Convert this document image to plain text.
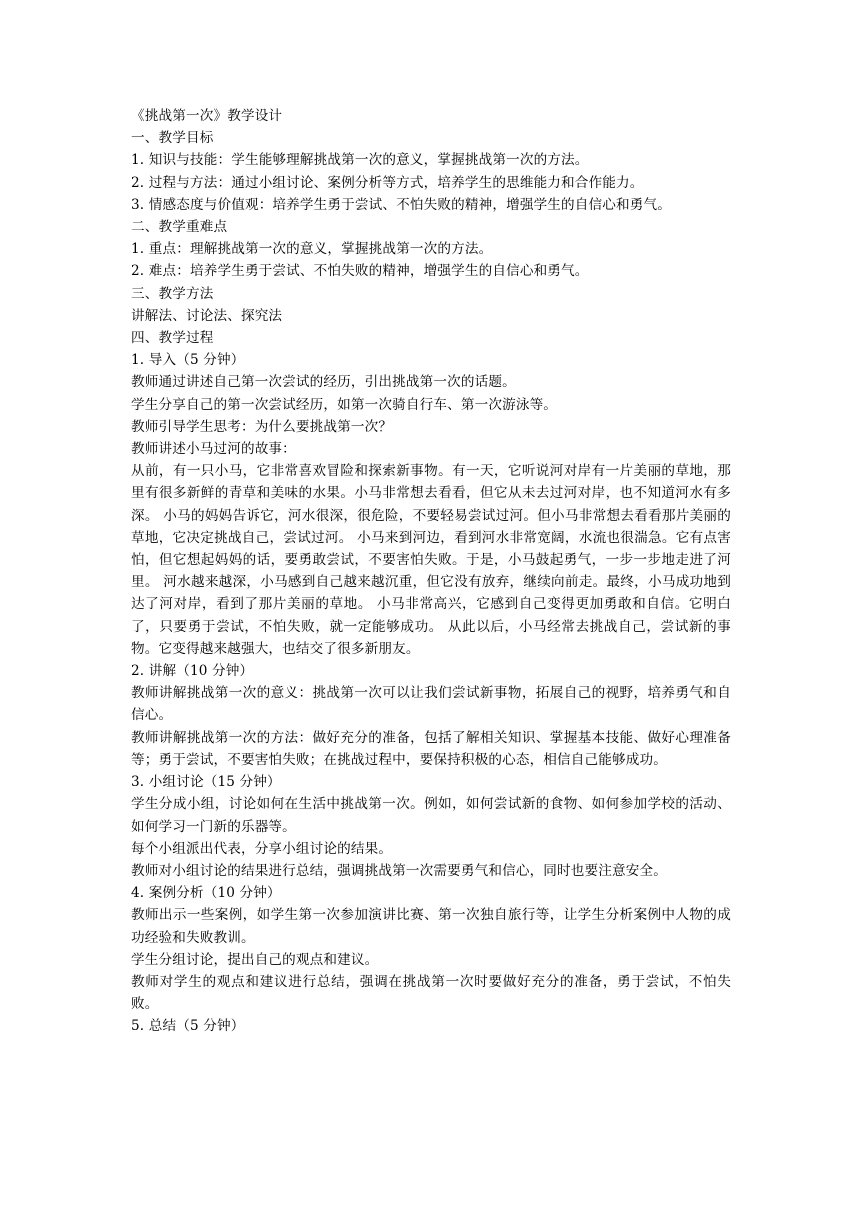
《挑战第一次》教学设计
一、教学目标
1. 知识与技能：学生能够理解挑战第一次的意义，掌握挑战第一次的方法。
2. 过程与方法：通过小组讨论、案例分析等方式，培养学生的思维能力和合作能力。
3. 情感态度与价值观：培养学生勇于尝试、不怕失败的精神，增强学生的自信心和勇气。
二、教学重难点
1. 重点：理解挑战第一次的意义，掌握挑战第一次的方法。
2. 难点：培养学生勇于尝试、不怕失败的精神，增强学生的自信心和勇气。
三、教学方法
讲解法、讨论法、探究法
四、教学过程
1. 导入（5 分钟）
教师通过讲述自己第一次尝试的经历，引出挑战第一次的话题。
学生分享自己的第一次尝试经历，如第一次骑自行车、第一次游泳等。
教师引导学生思考：为什么要挑战第一次？
教师讲述小马过河的故事：
从前，有一只小马，它非常喜欢冒险和探索新事物。有一天，它听说河对岸有一片美丽的草地，那里有很多新鲜的青草和美味的水果。小马非常想去看看，但它从未去过河对岸，也不知道河水有多深。 小马的妈妈告诉它，河水很深，很危险，不要轻易尝试过河。但小马非常想去看看那片美丽的草地，它决定挑战自己，尝试过河。 小马来到河边，看到河水非常宽阔，水流也很湍急。它有点害怕，但它想起妈妈的话，要勇敢尝试，不要害怕失败。于是，小马鼓起勇气，一步一步地走进了河里。 河水越来越深，小马感到自己越来越沉重，但它没有放弃，继续向前走。最终，小马成功地到达了河对岸，看到了那片美丽的草地。 小马非常高兴，它感到自己变得更加勇敢和自信。它明白了，只要勇于尝试，不怕失败，就一定能够成功。 从此以后，小马经常去挑战自己，尝试新的事物。它变得越来越强大，也结交了很多新朋友。
2. 讲解（10 分钟）
教师讲解挑战第一次的意义：挑战第一次可以让我们尝试新事物，拓展自己的视野，培养勇气和自信心。
教师讲解挑战第一次的方法：做好充分的准备，包括了解相关知识、掌握基本技能、做好心理准备等；勇于尝试，不要害怕失败；在挑战过程中，要保持积极的心态，相信自己能够成功。
3. 小组讨论（15 分钟）
学生分成小组，讨论如何在生活中挑战第一次。例如，如何尝试新的食物、如何参加学校的活动、如何学习一门新的乐器等。
每个小组派出代表，分享小组讨论的结果。
教师对小组讨论的结果进行总结，强调挑战第一次需要勇气和信心，同时也要注意安全。
4. 案例分析（10 分钟）
教师出示一些案例，如学生第一次参加演讲比赛、第一次独自旅行等，让学生分析案例中人物的成功经验和失败教训。
学生分组讨论，提出自己的观点和建议。
教师对学生的观点和建议进行总结，强调在挑战第一次时要做好充分的准备，勇于尝试，不怕失败。
5. 总结（5 分钟）
